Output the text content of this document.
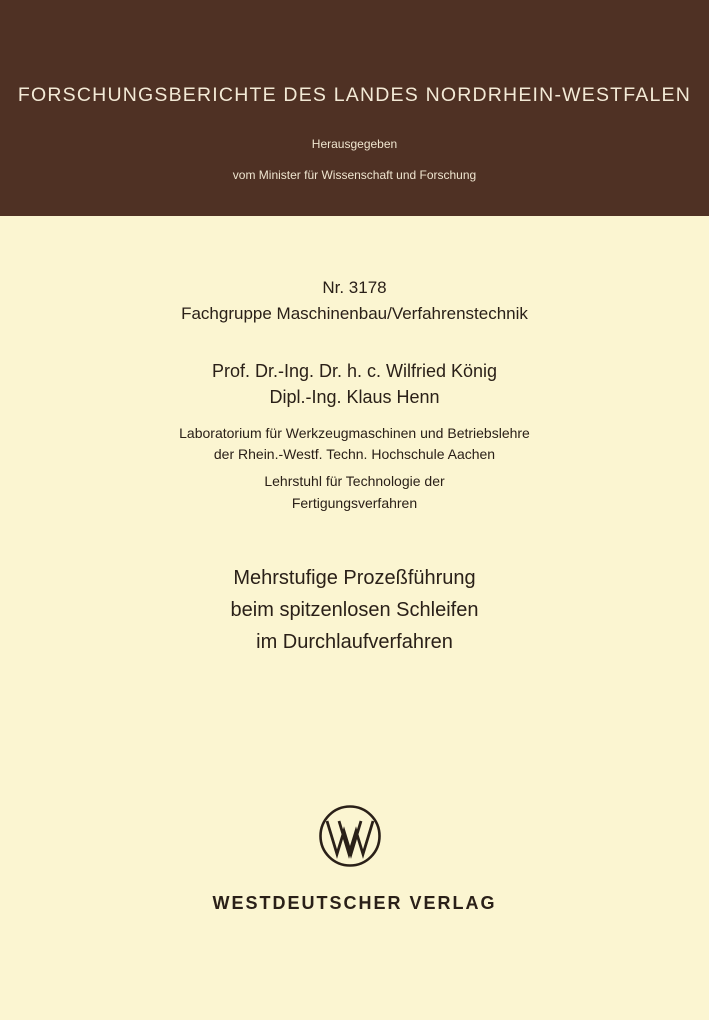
FORSCHUNGSBERICHTE DES LANDES NORDRHEIN-WESTFALEN
Herausgegeben
vom Minister für Wissenschaft und Forschung
Nr. 3178
Fachgruppe Maschinenbau/Verfahrenstechnik
Prof. Dr.-Ing. Dr. h. c. Wilfried König
Dipl.-Ing. Klaus Henn
Laboratorium für Werkzeugmaschinen und Betriebslehre
der Rhein.-Westf. Techn. Hochschule Aachen
Lehrstuhl für Technologie der
Fertigungsverfahren
Mehrstufige Prozeßführung
beim spitzenlosen Schleifen
im Durchlaufverfahren
WESTDEUTSCHER VERLAG
